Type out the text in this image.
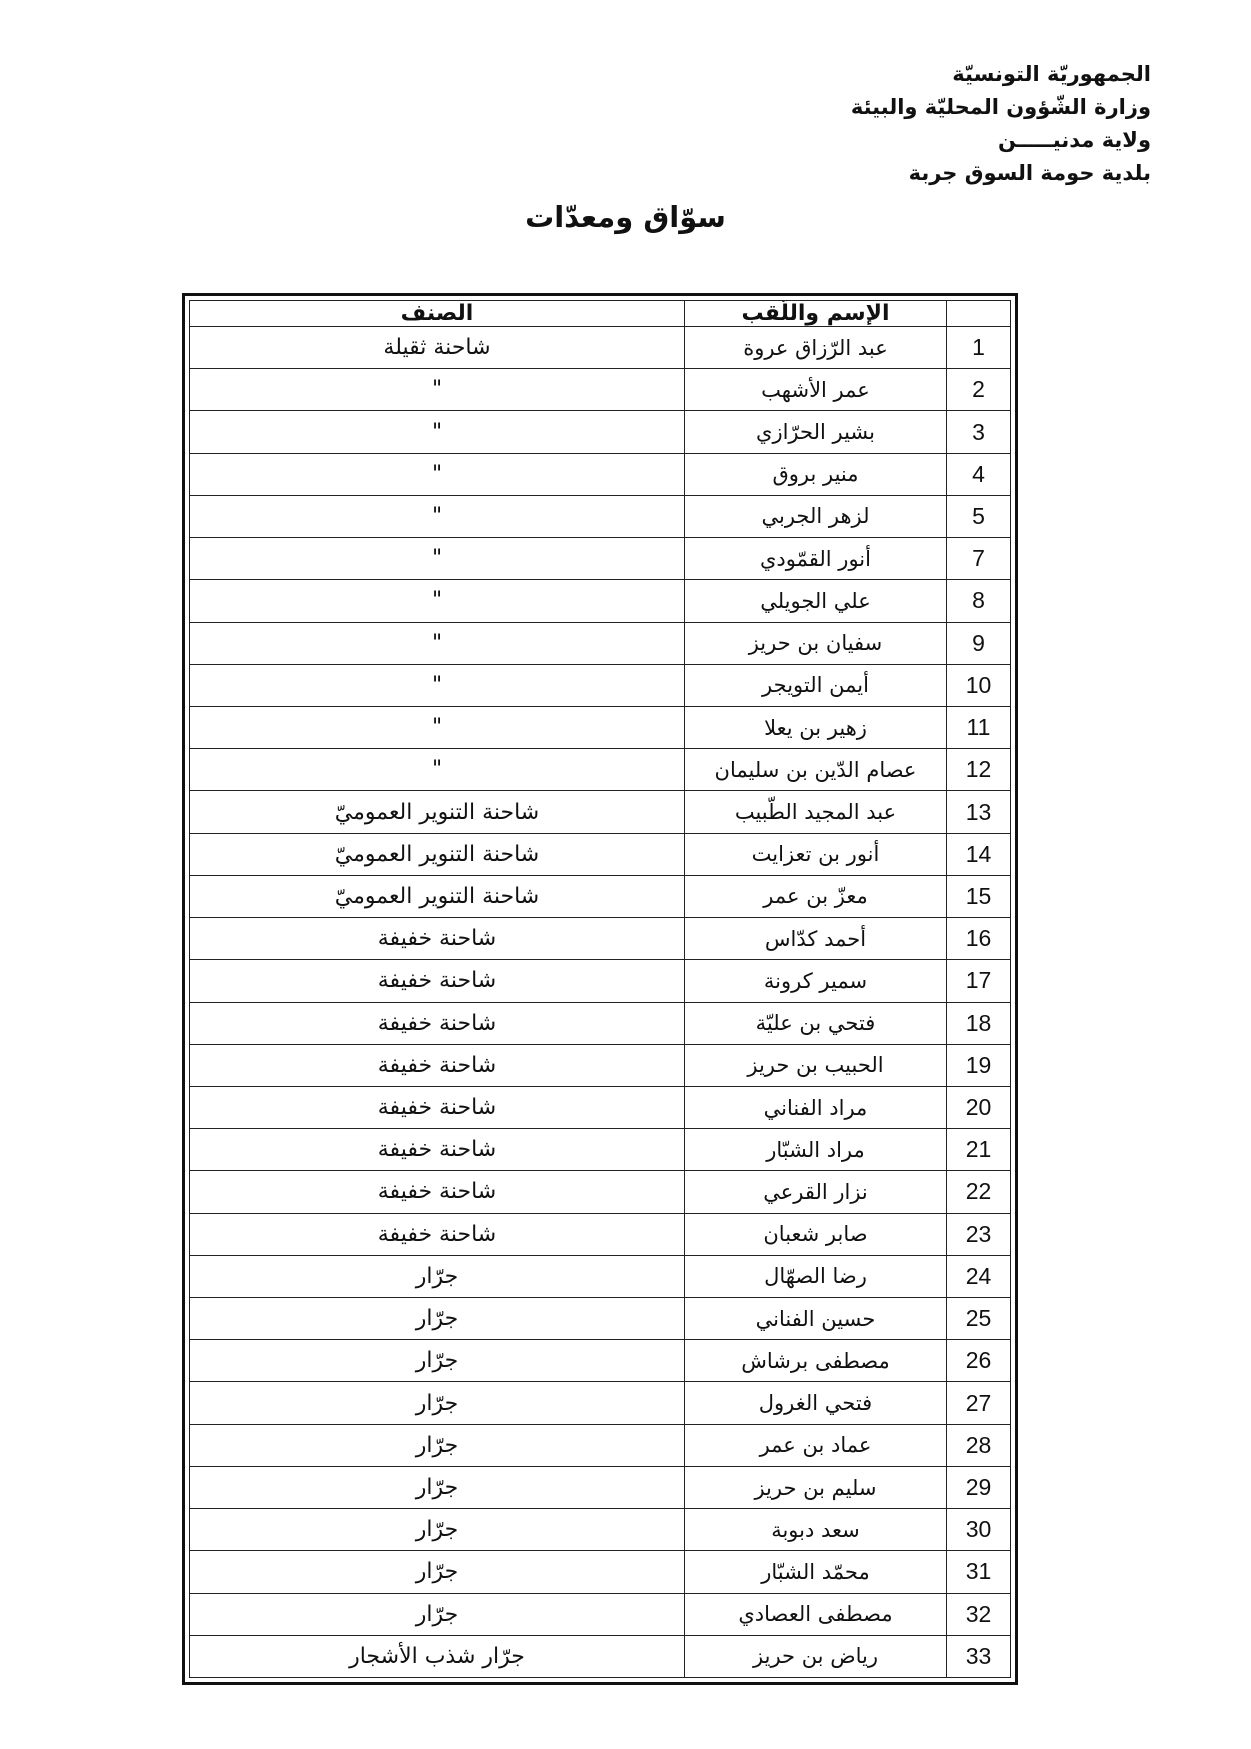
الجمهوريّة التونسيّة
وزارة الشّؤون المحليّة والبيئة
ولاية مدنيـــــن
بلدية حومة السوق جربة
سوّاق ومعدّات
	الإسم واللّقب	الصنف
1	عبد الرّزاق عروة	شاحنة ثقيلة
2	عمر الأشهب	"
3	بشير الحرّازي	"
4	منير بروق	"
5	لزهر الجربي	"
7	أنور القمّودي	"
8	علي الجويلي	"
9	سفيان بن حريز	"
10	أيمن التويجر	"
11	زهير بن يعلا	"
12	عصام الدّين بن سليمان	"
13	عبد المجيد الطّبيب	شاحنة التنوير العموميّ
14	أنور بن تعزايت	شاحنة التنوير العموميّ
15	معزّ بن عمر	شاحنة التنوير العموميّ
16	أحمد كدّاس	شاحنة خفيفة
17	سمير كرونة	شاحنة خفيفة
18	فتحي بن عليّة	شاحنة خفيفة
19	الحبيب بن حريز	شاحنة خفيفة
20	مراد الفناني	شاحنة خفيفة
21	مراد الشبّار	شاحنة خفيفة
22	نزار القرعي	شاحنة خفيفة
23	صابر شعبان	شاحنة خفيفة
24	رضا الصهّال	جرّار
25	حسين الفناني	جرّار
26	مصطفى برشاش	جرّار
27	فتحي الغرول	جرّار
28	عماد بن عمر	جرّار
29	سليم بن حريز	جرّار
30	سعد دبوبة	جرّار
31	محمّد الشبّار	جرّار
32	مصطفى العصادي	جرّار
33	رياض بن حريز	جرّار شذب الأشجار
